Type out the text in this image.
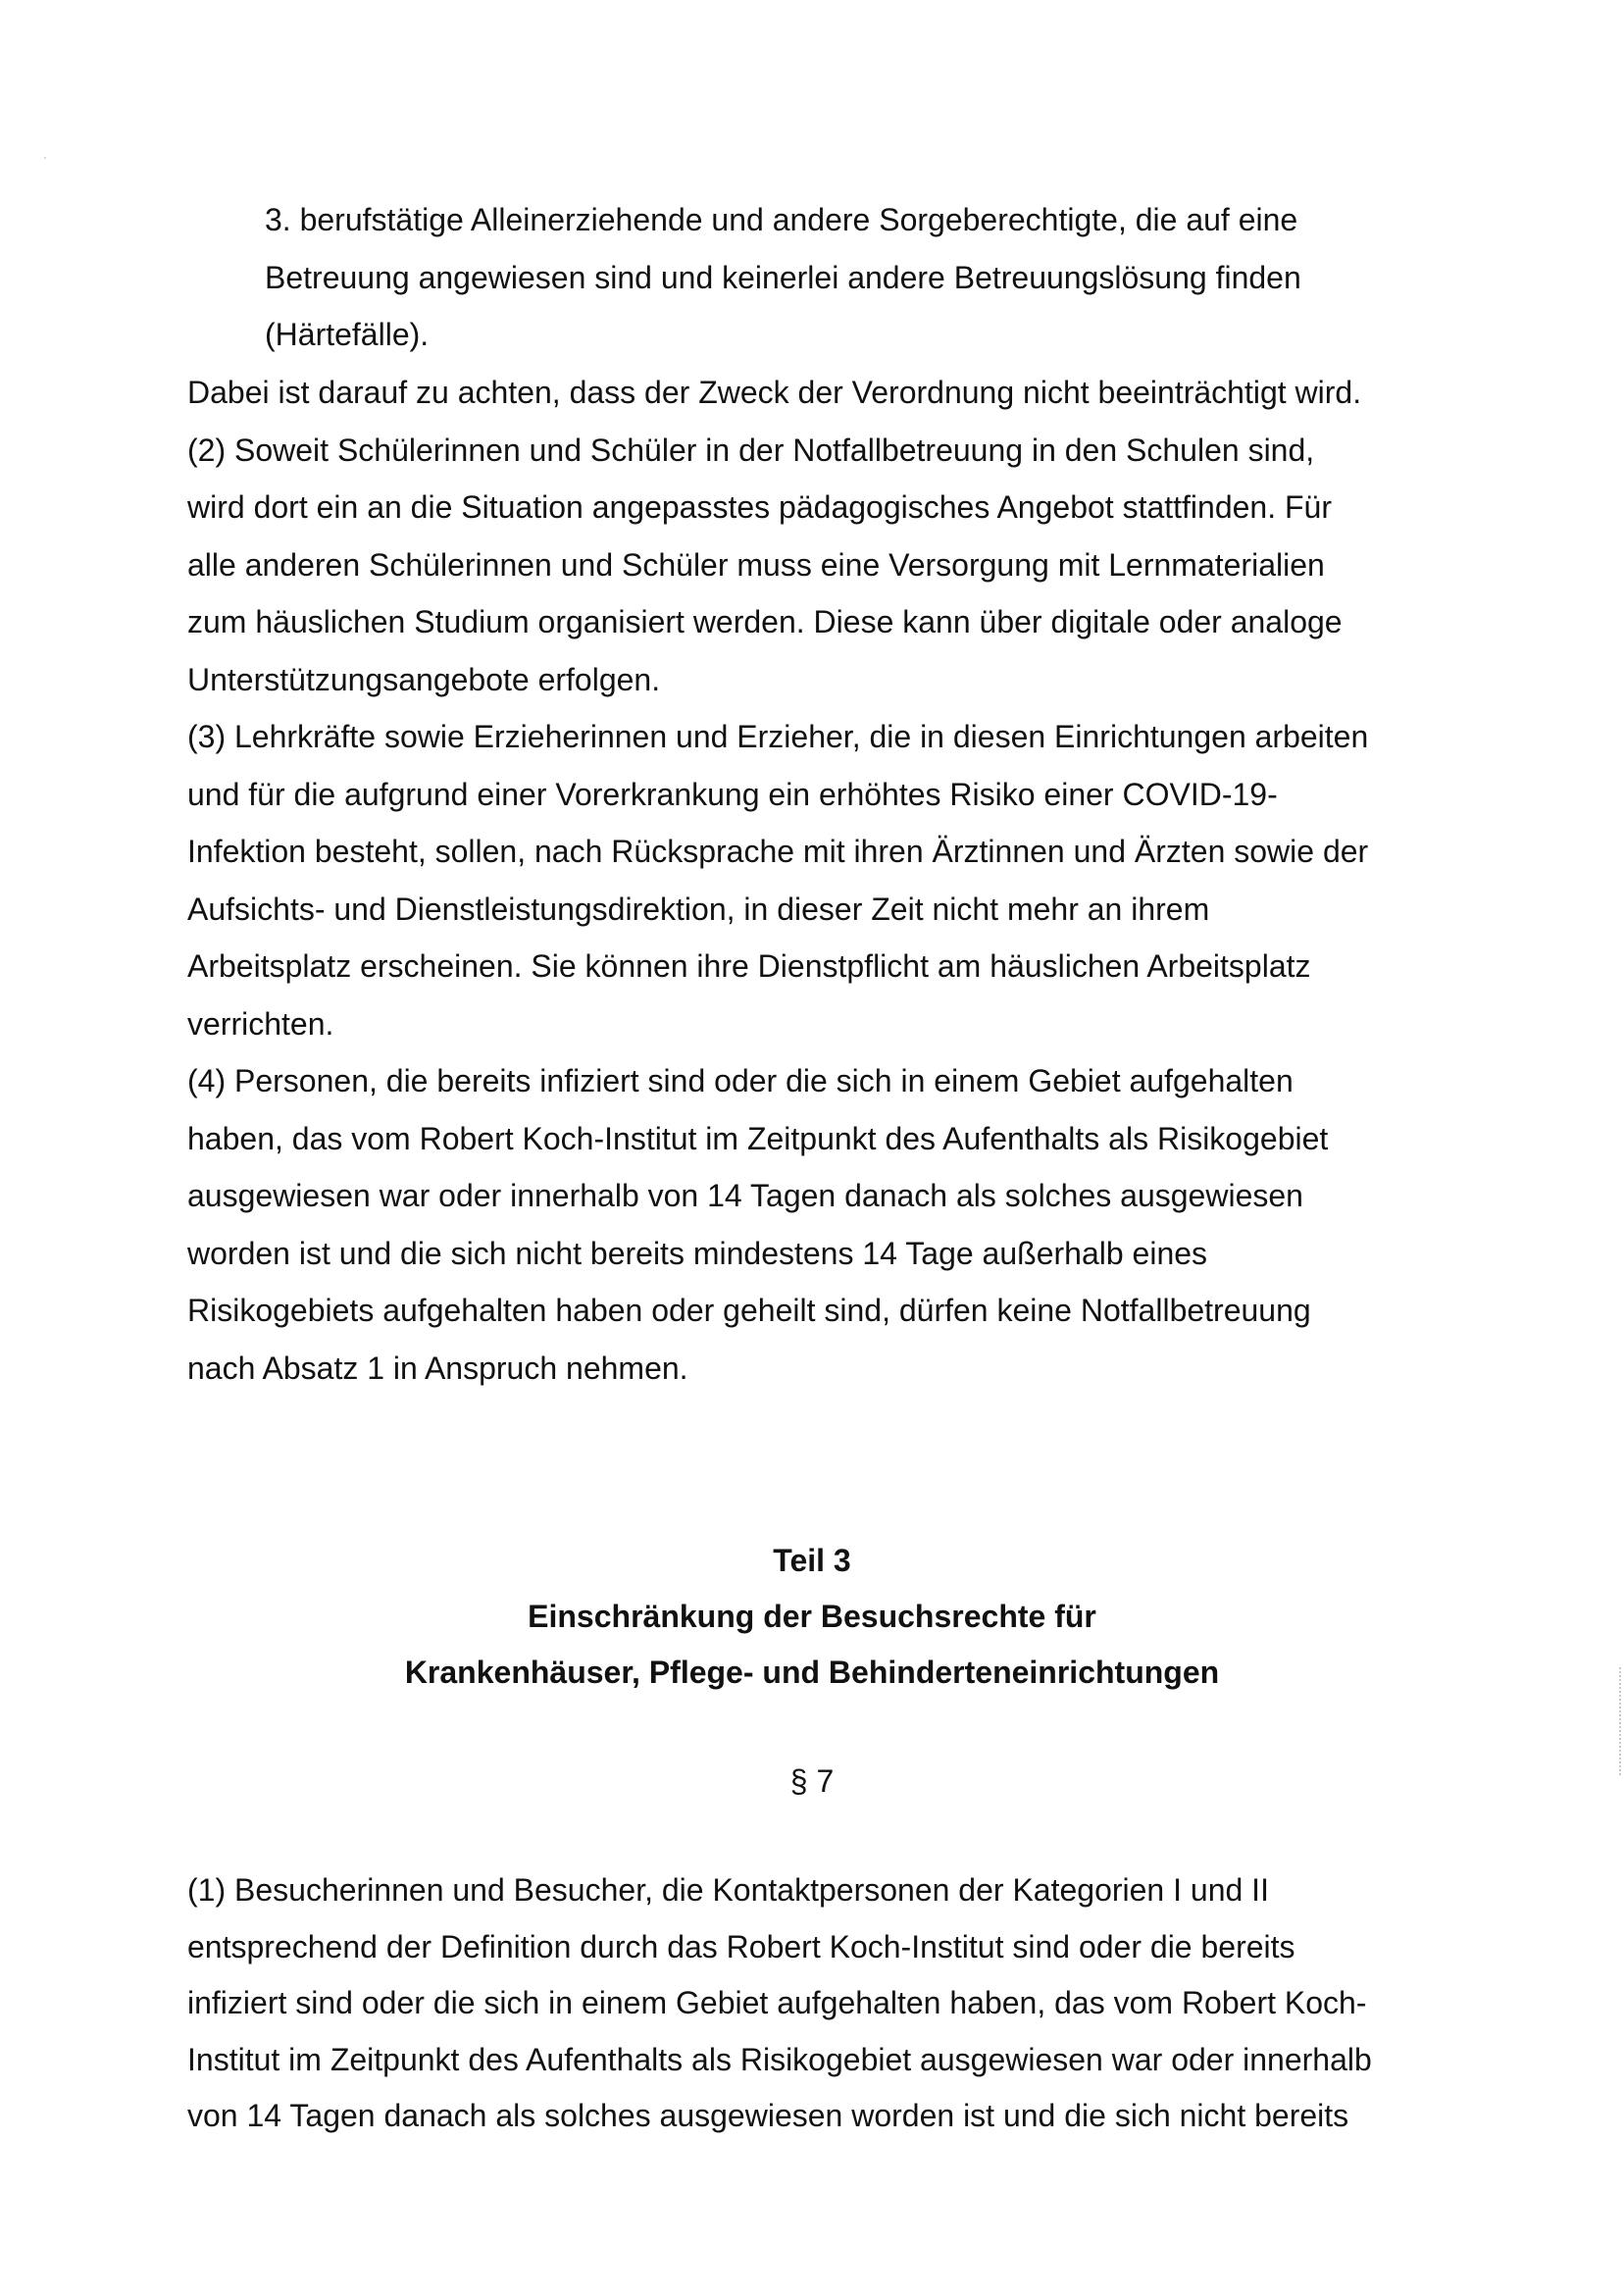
3. berufstätige Alleinerziehende und andere Sorgeberechtigte, die auf eine
Betreuung angewiesen sind und keinerlei andere Betreuungslösung finden
(Härtefälle).

Dabei ist darauf zu achten, dass der Zweck der Verordnung nicht beeinträchtigt wird.
(2) Soweit Schülerinnen und Schüler in der Notfallbetreuung in den Schulen sind,
wird dort ein an die Situation angepasstes pädagogisches Angebot stattfinden. Für
alle anderen Schülerinnen und Schüler muss eine Versorgung mit Lernmaterialien
zum häuslichen Studium organisiert werden. Diese kann über digitale oder analoge
Unterstützungsangebote erfolgen.
(3) Lehrkräfte sowie Erzieherinnen und Erzieher, die in diesen Einrichtungen arbeiten
und für die aufgrund einer Vorerkrankung ein erhöhtes Risiko einer COVID-19-
Infektion besteht, sollen, nach Rücksprache mit ihren Ärztinnen und Ärzten sowie der
Aufsichts- und Dienstleistungsdirektion, in dieser Zeit nicht mehr an ihrem
Arbeitsplatz erscheinen. Sie können ihre Dienstpflicht am häuslichen Arbeitsplatz
verrichten.
(4) Personen, die bereits infiziert sind oder die sich in einem Gebiet aufgehalten
haben, das vom Robert Koch-Institut im Zeitpunkt des Aufenthalts als Risikogebiet
ausgewiesen war oder innerhalb von 14 Tagen danach als solches ausgewiesen
worden ist und die sich nicht bereits mindestens 14 Tage außerhalb eines
Risikogebiets aufgehalten haben oder geheilt sind, dürfen keine Notfallbetreuung
nach Absatz 1 in Anspruch nehmen.

Teil 3
Einschränkung der Besuchsrechte für
Krankenhäuser, Pflege- und Behinderteneinrichtungen

§ 7

(1) Besucherinnen und Besucher, die Kontaktpersonen der Kategorien I und II
entsprechend der Definition durch das Robert Koch-Institut sind oder die bereits
infiziert sind oder die sich in einem Gebiet aufgehalten haben, das vom Robert Koch-
Institut im Zeitpunkt des Aufenthalts als Risikogebiet ausgewiesen war oder innerhalb
von 14 Tagen danach als solches ausgewiesen worden ist und die sich nicht bereits
